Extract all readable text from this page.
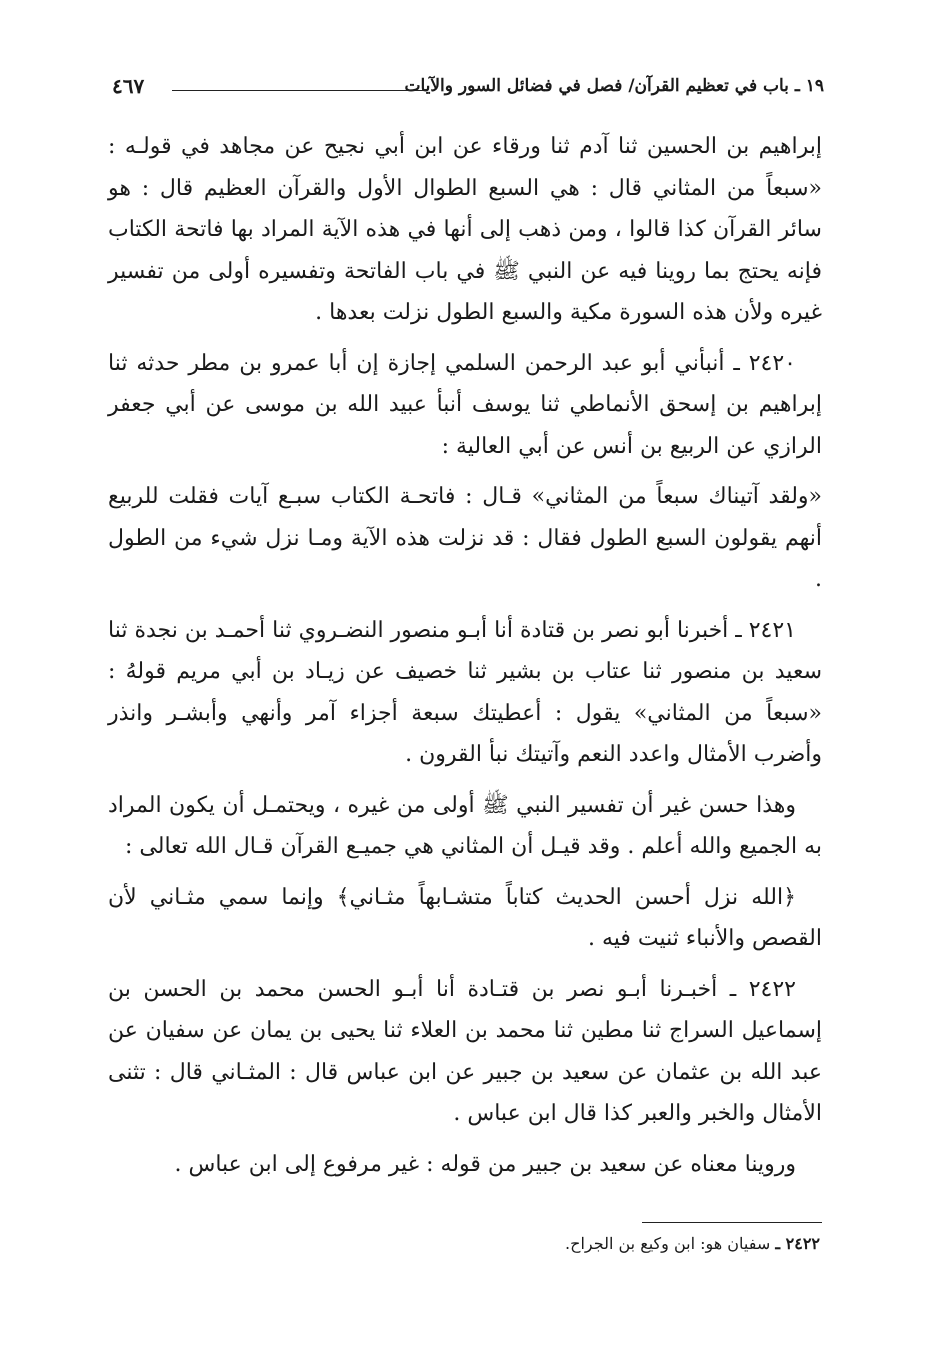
١٩ ـ باب في تعظيم القرآن/ فصل في فضائل السور والآيات
٤٦٧

إبراهيم بن الحسين ثنا آدم ثنا ورقاء عن ابن أبي نجيح عن مجاهد في قولـه : «سبعاً من المثاني قال : هي السبع الطوال الأول والقرآن العظيم قال : هو سائر القرآن كذا قالوا ، ومن ذهب إلى أنها في هذه الآية المراد بها فاتحة الكتاب فإنه يحتج بما روينا فيه عن النبي ﷺ في باب الفاتحة وتفسيره أولى من تفسير غيره ولأن هذه السورة مكية والسبع الطول نزلت بعدها .

٢٤٢٠ ـ أنبأني أبو عبد الرحمن السلمي إجازة إن أبا عمرو بن مطر حدثه ثنا إبراهيم بن إسحق الأنماطي ثنا يوسف أنبأ عبيد الله بن موسى عن أبي جعفر الرازي عن الربيع بن أنس عن أبي العالية :

«ولقد آتيناك سبعاً من المثاني» قـال : فاتحـة الكتاب سبـع آيات فقلت للربيع أنهم يقولون السبع الطول فقال : قد نزلت هذه الآية ومـا نزل شيء من الطول .

٢٤٢١ ـ أخبرنا أبو نصر بن قتادة أنا أبـو منصور النضـروي ثنا أحمـد بن نجدة ثنا سعيد بن منصور ثنا عتاب بن بشير ثنا خصيف عن زيـاد بن أبي مريم قولهُ : «سبعاً من المثاني» يقول : أعطيتك سبعة أجزاء آمر وأنهي وأبشـر وانذر وأضرب الأمثال واعدد النعم وآتيتك نبأ القرون .

وهذا حسن غير أن تفسير النبي ﷺ أولى من غيره ، ويحتمـل أن يكون المراد به الجميع والله أعلم . وقد قيـل أن المثاني هي جميـع القرآن قـال الله تعالى :

﴿الله نزل أحسن الحديث كتاباً متشـابهاً مثـاني﴾ وإنما سمي مثـاني لأن القصص والأنباء ثنيت فيه .

٢٤٢٢ ـ أخبـرنا أبـو نصر بن قتـادة أنا أبـو الحسن محمد بن الحسن بن إسماعيل السراج ثنا مطين ثنا محمد بن العلاء ثنا يحيى بن يمان عن سفيان عن عبد الله بن عثمان عن سعيد بن جبير عن ابن عباس قال : المثـاني قال : تثنى الأمثال والخبر والعبر كذا قال ابن عباس .

وروينا معناه عن سعيد بن جبير من قوله : غير مرفوع إلى ابن عباس .

٢٤٢٢ ـ سفيان هو: ابن وكيع بن الجراح.
